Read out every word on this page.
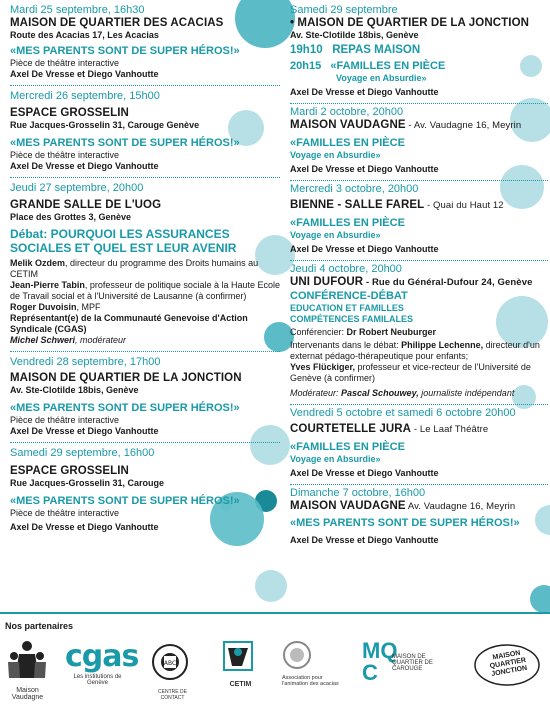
Mardi 25 septembre, 16h30
MAISON DE QUARTIER DES ACACIAS
Route des Acacias 17, Les Acacias
«MES PARENTS SONT DE SUPER HÉROS!»
Pièce de théâtre interactive
Axel De Vresse et Diego Vanhoutte
Mercredi 26 septembre, 15h00
ESPACE GROSSELIN
Rue Jacques-Grosselin 31, Carouge Genève
«MES PARENTS SONT DE SUPER HÉROS!»
Pièce de théâtre interactive
Axel De Vresse et Diego Vanhoutte
Jeudi 27 septembre, 20h00
GRANDE SALLE DE L'UOG
Place des Grottes 3, Genève
Débat: POURQUOI LES ASSURANCES SOCIALES ET QUEL EST LEUR AVENIR
Melik Ozdem, directeur du programme des Droits humains au CETIM
Jean-Pierre Tabin, professeur de politique sociale à la Haute Ecole de Travail social et à l'Université de Lausanne (à confirmer)
Roger Duvoisin, MPF
Représentant(e) de la Communauté Genevoise d'Action Syndicale (CGAS)
Michel Schweri, modérateur
Vendredi 28 septembre, 17h00
MAISON DE QUARTIER DE LA JONCTION
Av. Ste-Clotilde 18bis, Genève
«MES PARENTS SONT DE SUPER HÉROS!»
Pièce de théâtre interactive
Axel De Vresse et Diego Vanhoutte
Samedi 29 septembre, 16h00
ESPACE GROSSELIN
Rue Jacques-Grosselin 31, Carouge
«MES PARENTS SONT DE SUPER HÉROS!»
Pièce de théâtre interactive
Axel De Vresse et Diego Vanhoutte
Samedi 29 septembre
• MAISON DE QUARTIER DE LA JONCTION
Av. Ste-Clotilde 18bis, Genève
19h10 REPAS MAISON
20h15 «FAMILLES EN PIÈCE
Voyage en Absurdie»
Axel De Vresse et Diego Vanhoutte
Mardi 2 octobre, 20h00
MAISON VAUDAGNE - Av. Vaudagne 16, Meyrin
«FAMILLES EN PIÈCE
Voyage en Absurdie»
Axel De Vresse et Diego Vanhoutte
Mercredi 3 octobre, 20h00
BIENNE - SALLE FAREL - Quai du Haut 12
«FAMILLES EN PIÈCE
Voyage en Absurdie»
Axel De Vresse et Diego Vanhoutte
Jeudi 4 octobre, 20h00
UNI DUFOUR - Rue du Général-Dufour 24, Genève
CONFÉRENCE-DÉBAT
EDUCATION ET FAMILLES
COMPÉTENCES FAMILALES
Conférencier: Dr Robert Neuburger
Intervenants dans le débat: Philippe Lechenne, directeur d'un externat pédago-thérapeutique pour enfants;
Yves Flückiger, professeur et vice-recteur de l'Université de Genève (à confirmer)
Modérateur: Pascal Schouwey, journaliste indépendant
Vendredi 5 octobre et samedi 6 octobre 20h00
COURTETELLE JURA - Le Laaf Théâtre
«FAMILLES EN PIÈCE
Voyage en Absurdie»
Axel De Vresse et Diego Vanhoutte
Dimanche 7 octobre, 16h00
MAISON VAUDAGNE Av. Vaudagne 16, Meyrin
«MES PARENTS SONT DE SUPER HÉROS!»
Axel De Vresse et Diego Vanhoutte
Nos partenaires
Maison Vaudagne
cgas
Les institutions de Genève
ABC
CENTRE DE CONTACT
CETIM
Association pour l'animation des acacias
MQ C
MAISON DE QUARTIER DE CAROUGE
MAISON QUARTIER JONCTION
